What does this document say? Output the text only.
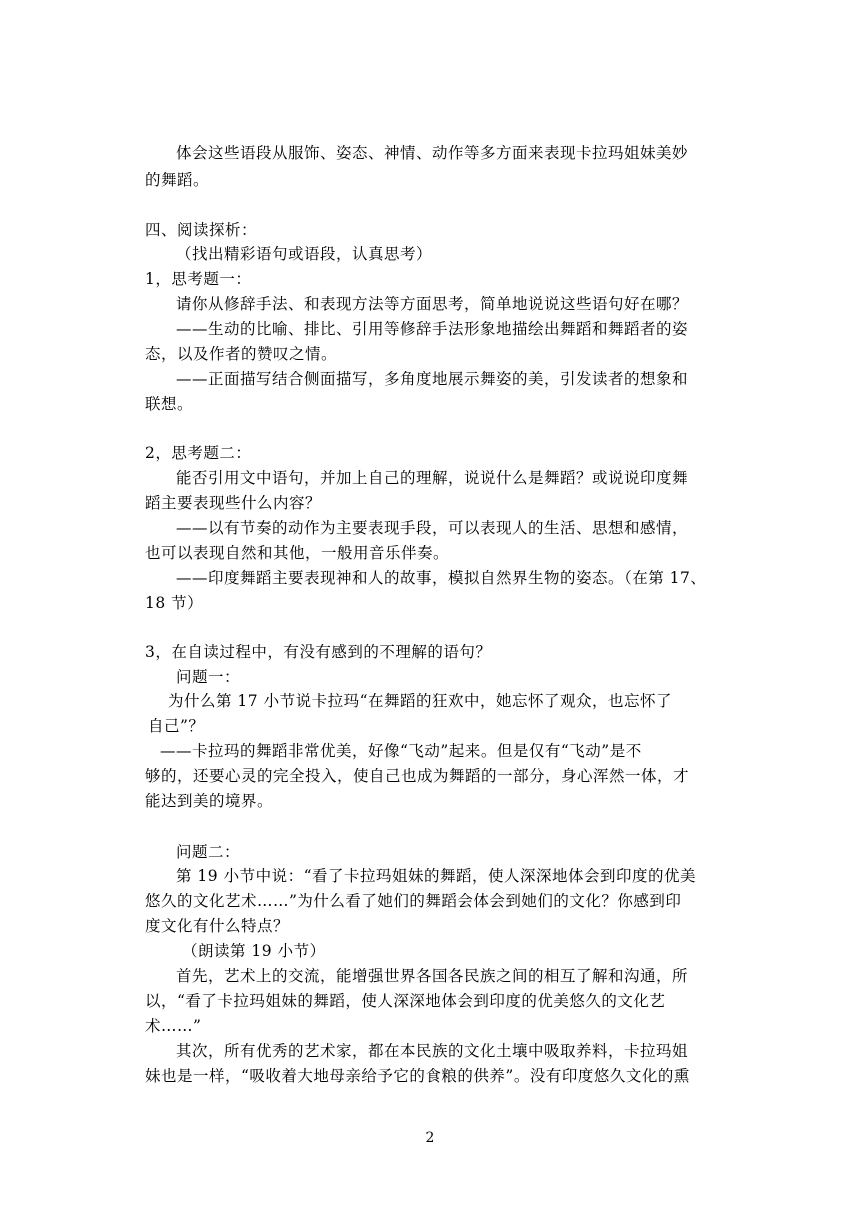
体会这些语段从服饰、姿态、神情、动作等多方面来表现卡拉玛姐妹美妙
的舞蹈。
四、阅读探析：
（找出精彩语句或语段，认真思考）
1，思考题一：
请你从修辞手法、和表现方法等方面思考，简单地说说这些语句好在哪？
——生动的比喻、排比、引用等修辞手法形象地描绘出舞蹈和舞蹈者的姿
态，以及作者的赞叹之情。
——正面描写结合侧面描写，多角度地展示舞姿的美，引发读者的想象和
联想。
2，思考题二：
能否引用文中语句，并加上自己的理解，说说什么是舞蹈？或说说印度舞
蹈主要表现些什么内容？
——以有节奏的动作为主要表现手段，可以表现人的生活、思想和感情，
也可以表现自然和其他，一般用音乐伴奏。
——印度舞蹈主要表现神和人的故事，模拟自然界生物的姿态。（在第 17、
18 节）
3，在自读过程中，有没有感到的不理解的语句？
问题一：
为什么第 17 小节说卡拉玛“在舞蹈的狂欢中，她忘怀了观众，也忘怀了
自己”？
——卡拉玛的舞蹈非常优美，好像“飞动”起来。但是仅有“飞动”是不
够的，还要心灵的完全投入，使自己也成为舞蹈的一部分，身心浑然一体，才
能达到美的境界。
问题二：
第 19 小节中说：“看了卡拉玛姐妹的舞蹈，使人深深地体会到印度的优美
悠久的文化艺术……”为什么看了她们的舞蹈会体会到她们的文化？你感到印
度文化有什么特点？
（朗读第 19 小节）
首先，艺术上的交流，能增强世界各国各民族之间的相互了解和沟通，所
以，“看了卡拉玛姐妹的舞蹈，使人深深地体会到印度的优美悠久的文化艺
术……”
其次，所有优秀的艺术家，都在本民族的文化土壤中吸取养料，卡拉玛姐
妹也是一样，“吸收着大地母亲给予它的食粮的供养”。没有印度悠久文化的熏
2
